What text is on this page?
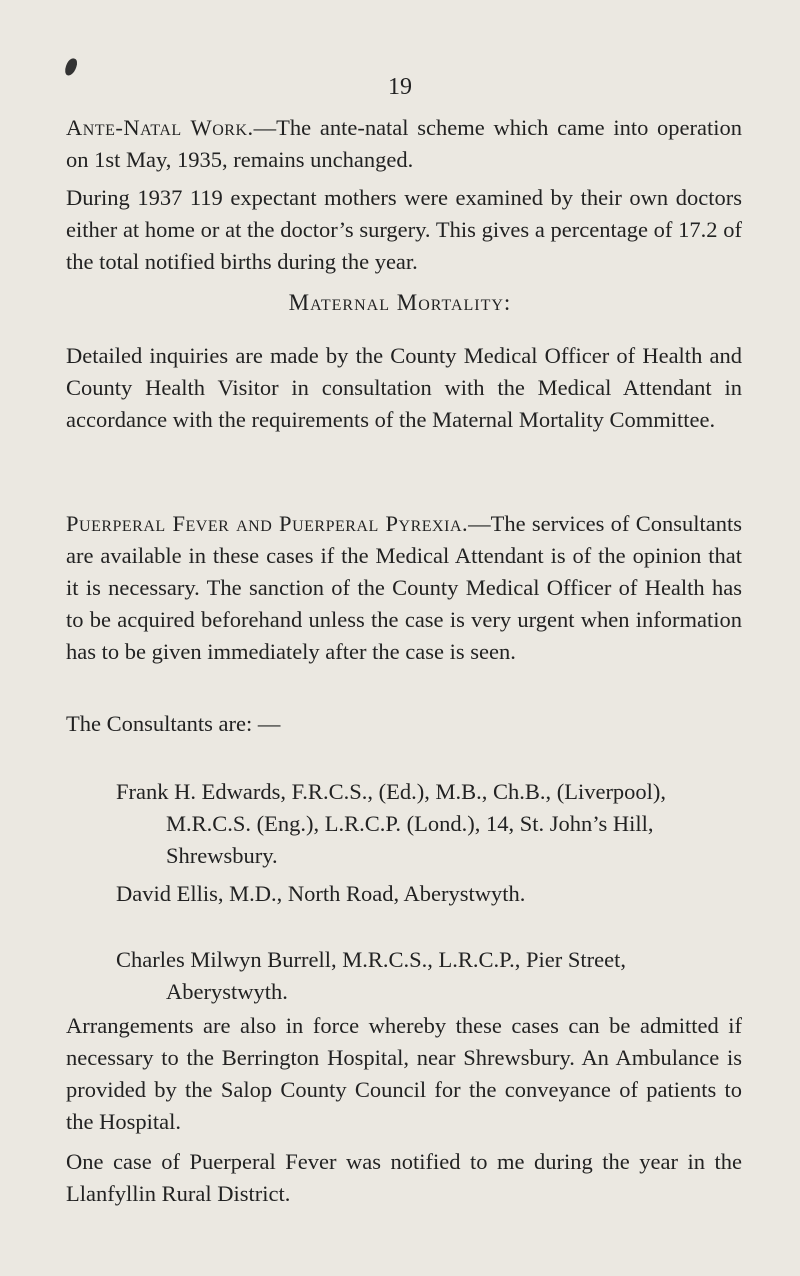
19

Ante-Natal Work.—The ante-natal scheme which came into operation on 1st May, 1935, remains unchanged.

During 1937 119 expectant mothers were examined by their own doctors either at home or at the doctor’s surgery. This gives a percentage of 17.2 of the total notified births during the year.

Maternal Mortality:

Detailed inquiries are made by the County Medical Officer of Health and County Health Visitor in consultation with the Medical Attendant in accordance with the requirements of the Maternal Mortality Committee.

Puerperal Fever and Puerperal Pyrexia.—The services of Consultants are available in these cases if the Medical Attendant is of the opinion that it is necessary. The sanction of the County Medical Officer of Health has to be acquired beforehand unless the case is very urgent when information has to be given immediately after the case is seen.

The Consultants are: —

Frank H. Edwards, F.R.C.S., (Ed.), M.B., Ch.B., (Liverpool), M.R.C.S. (Eng.), L.R.C.P. (Lond.), 14, St. John’s Hill, Shrewsbury.

David Ellis, M.D., North Road, Aberystwyth.

Charles Milwyn Burrell, M.R.C.S., L.R.C.P., Pier Street, Aberystwyth.

Arrangements are also in force whereby these cases can be admitted if necessary to the Berrington Hospital, near Shrewsbury. An Ambulance is provided by the Salop County Council for the conveyance of patients to the Hospital.

One case of Puerperal Fever was notified to me during the year in the Llanfyllin Rural District.
